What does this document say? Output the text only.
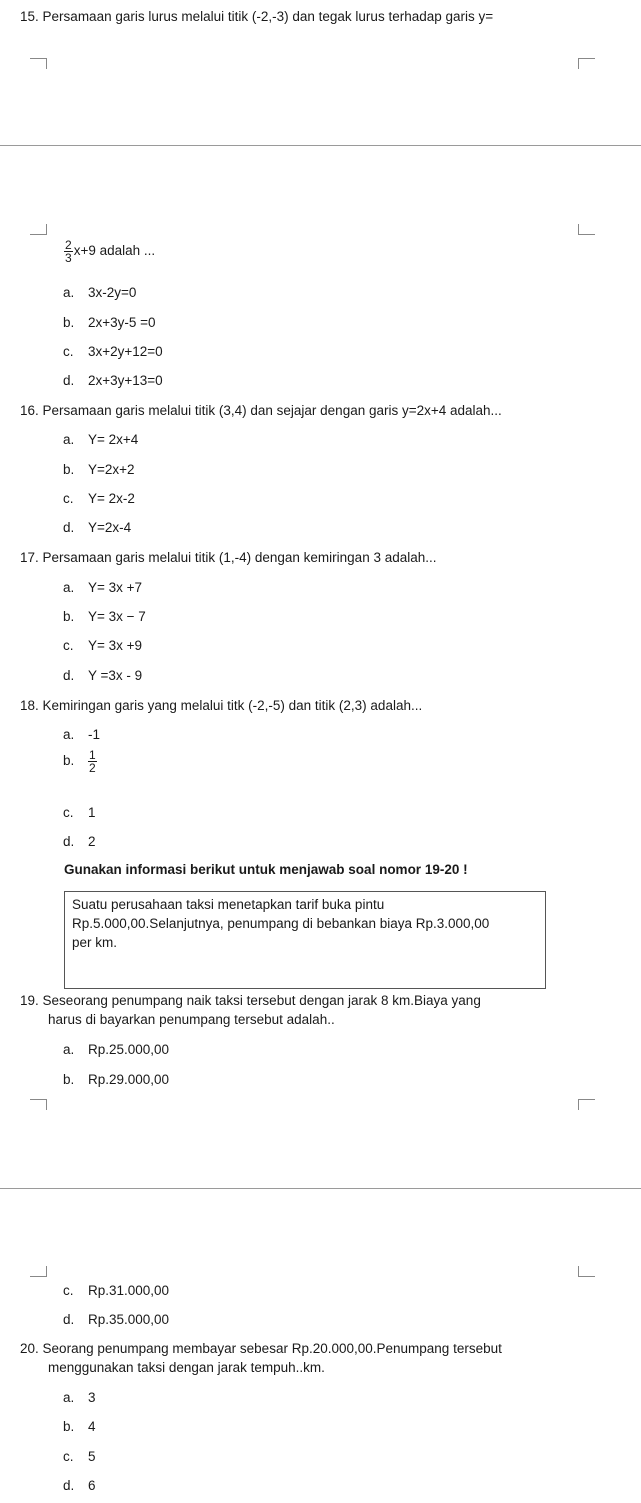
15. Persamaan garis lurus melalui titik (-2,-3) dan tegak lurus terhadap garis y=
$\frac{2}{3} x+9$ adalah ...
a. 3x-2y=0
b. 2x+3y-5 =0
c. 3x+2y+12=0
d. 2x+3y+13=0
16. Persamaan garis melalui titik (3,4) dan sejajar dengan garis y=2x+4 adalah...
a. Y= 2x+4
b. Y=2x+2
c. Y= 2x-2
d. Y=2x-4
17. Persamaan garis melalui titik (1,-4) dengan kemiringan 3 adalah...
a. Y= 3x +7
b. Y= 3x − 7
c. Y= 3x +9
d. Y =3x - 9
18. Kemiringan garis yang melalui titk (-2,-5) dan titik (2,3) adalah...
a. -1
b. $\frac{1}{2}$
c. 1
d. 2
Gunakan informasi berikut untuk menjawab soal nomor 19-20 !
Suatu perusahaan taksi menetapkan tarif buka pintu
Rp.5.000,00.Selanjutnya, penumpang di bebankan biaya Rp.3.000,00
per km.
19. Seseorang penumpang naik taksi tersebut dengan jarak 8 km.Biaya yang
harus di bayarkan penumpang tersebut adalah..
a. Rp.25.000,00
b. Rp.29.000,00
c. Rp.31.000,00
d. Rp.35.000,00
20. Seorang penumpang membayar sebesar Rp.20.000,00.Penumpang tersebut
menggunakan taksi dengan jarak tempuh..km.
a. 3
b. 4
c. 5
d. 6
